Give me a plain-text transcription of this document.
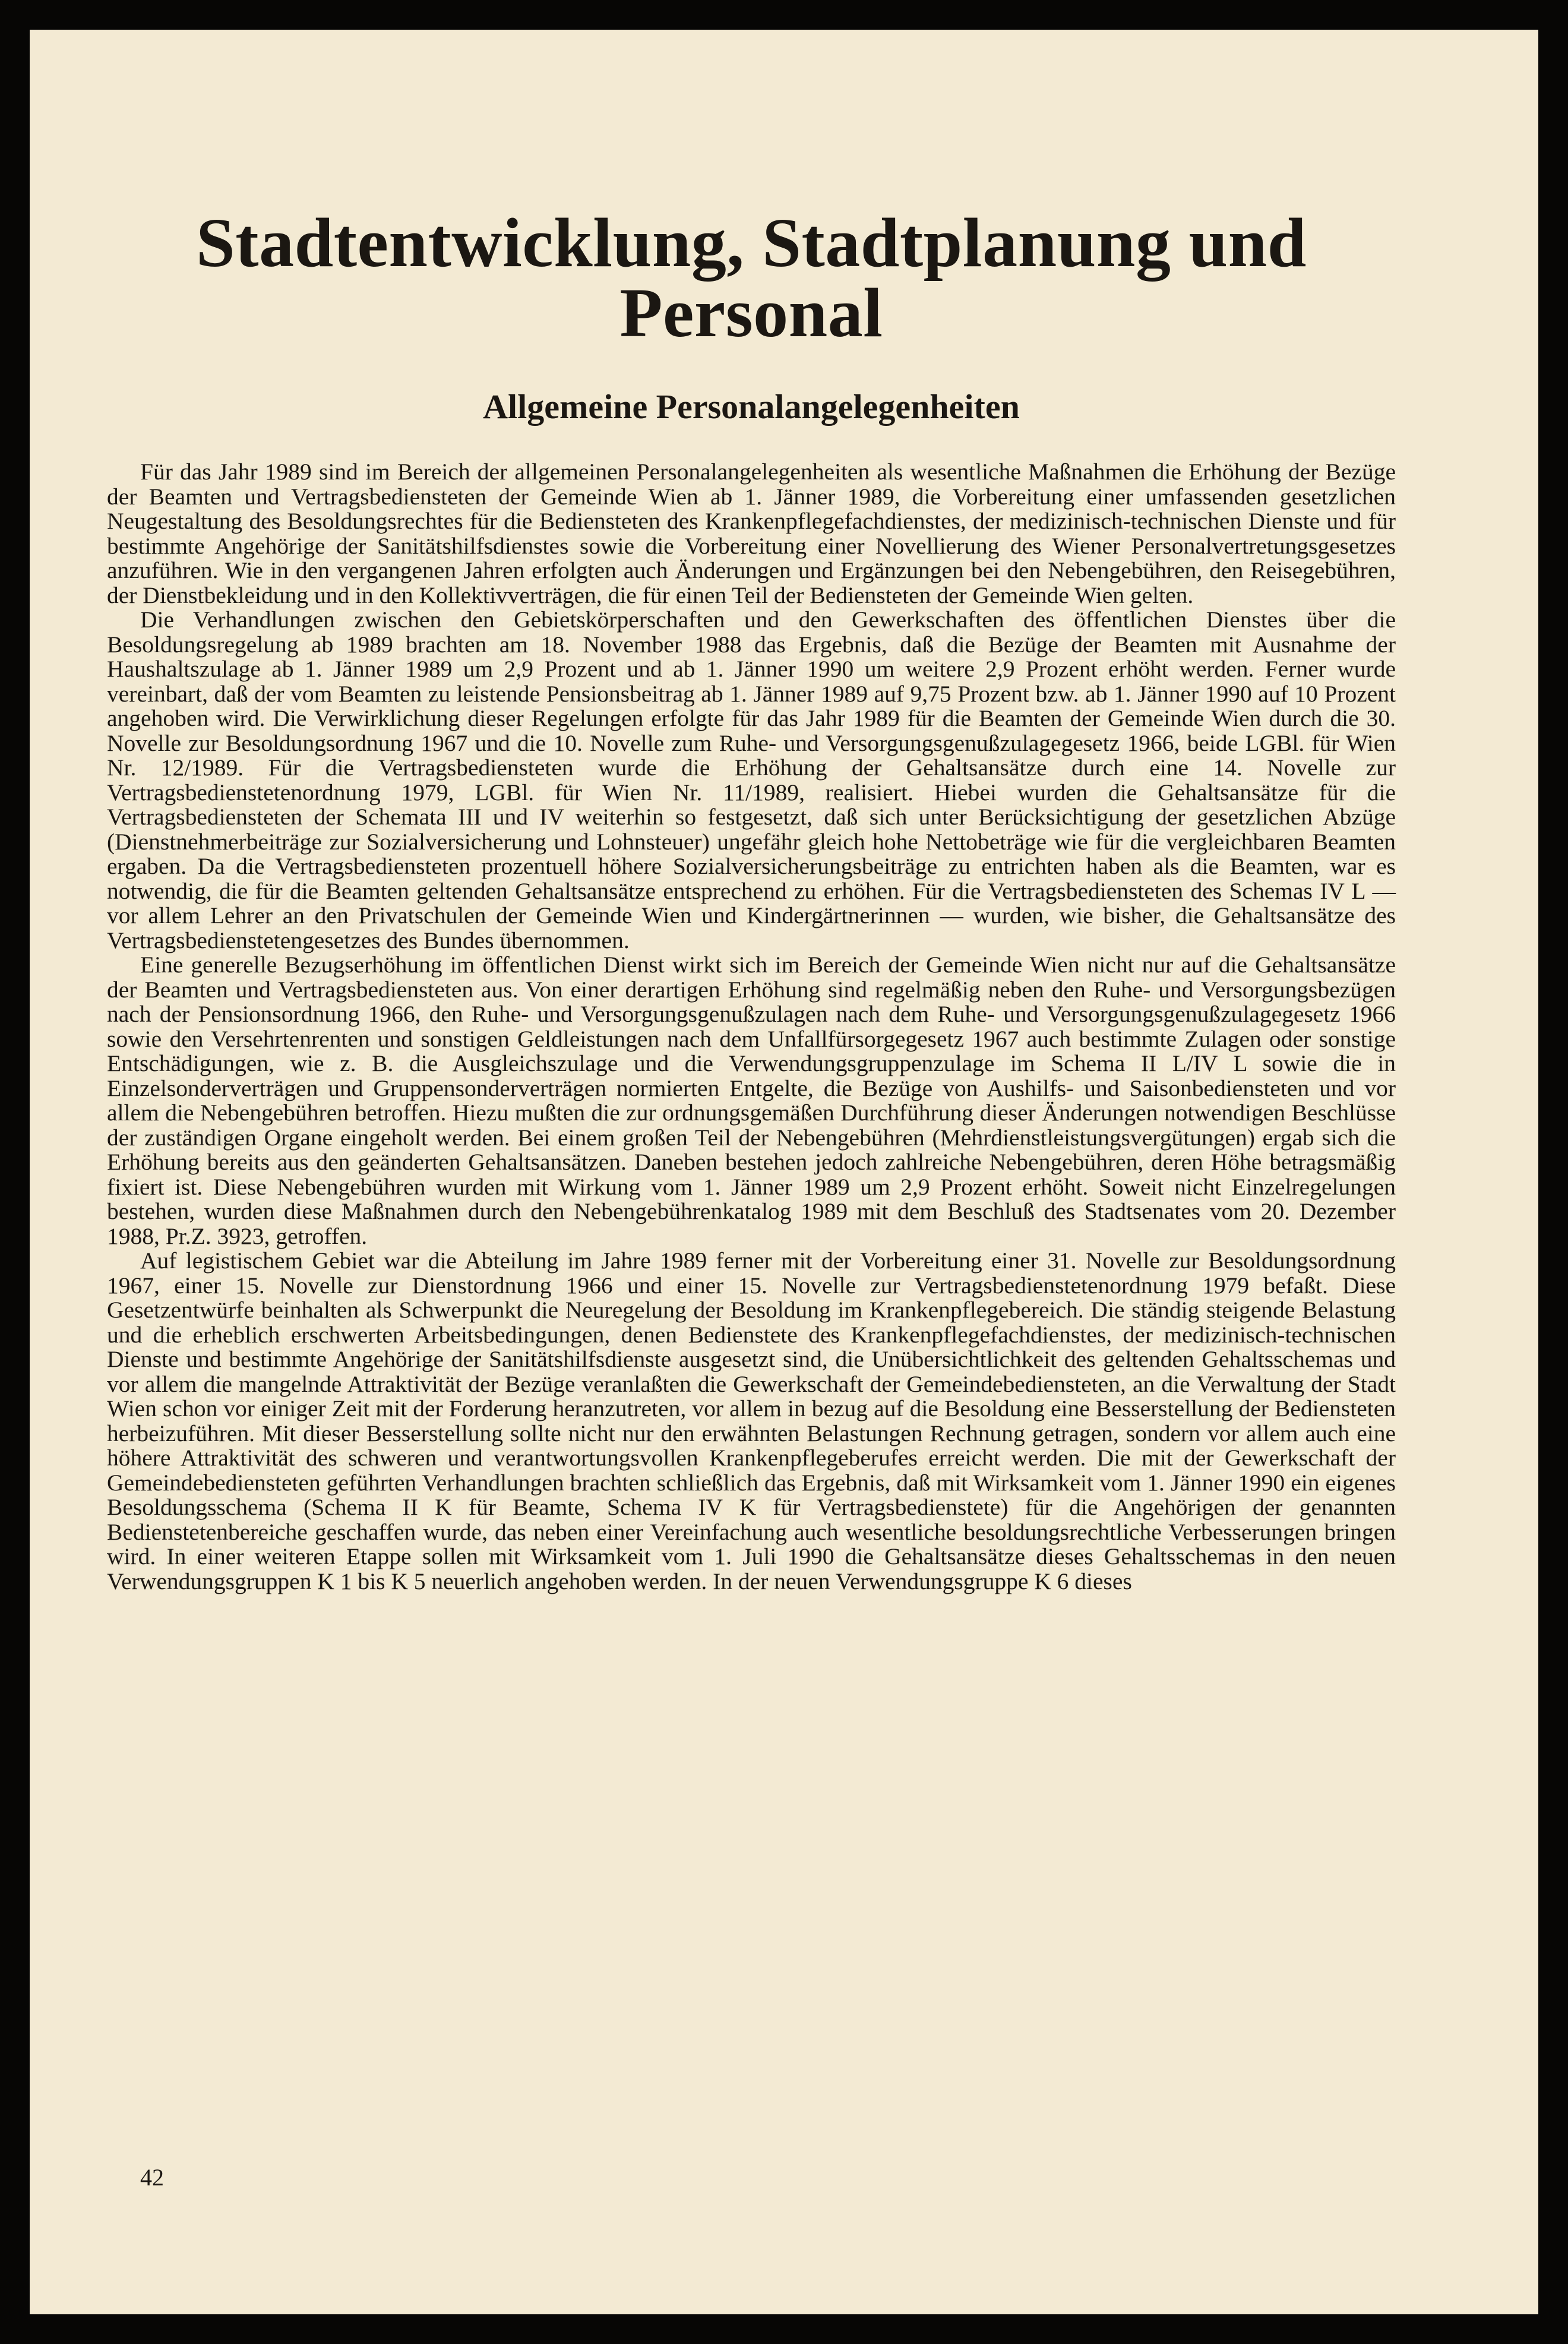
Stadtentwicklung, Stadtplanung und
Personal
Allgemeine Personalangelegenheiten

Für das Jahr 1989 sind im Bereich der allgemeinen Personalangelegenheiten als wesentliche Maßnahmen die Erhöhung der Bezüge der Beamten und Vertragsbediensteten der Gemeinde Wien ab 1. Jänner 1989, die Vorbereitung einer umfassenden gesetzlichen Neugestaltung des Besoldungsrechtes für die Bediensteten des Krankenpflegefachdienstes, der medizinisch-technischen Dienste und für bestimmte Angehörige der Sanitätshilfsdienstes sowie die Vorbereitung einer Novellierung des Wiener Personalvertretungsgesetzes anzuführen. Wie in den vergangenen Jahren erfolgten auch Änderungen und Ergänzungen bei den Nebengebühren, den Reisegebühren, der Dienstbekleidung und in den Kollektivverträgen, die für einen Teil der Bediensteten der Gemeinde Wien gelten.

Die Verhandlungen zwischen den Gebietskörperschaften und den Gewerkschaften des öffentlichen Dienstes über die Besoldungsregelung ab 1989 brachten am 18. November 1988 das Ergebnis, daß die Bezüge der Beamten mit Ausnahme der Haushaltszulage ab 1. Jänner 1989 um 2,9 Prozent und ab 1. Jänner 1990 um weitere 2,9 Prozent erhöht werden. Ferner wurde vereinbart, daß der vom Beamten zu leistende Pensionsbeitrag ab 1. Jänner 1989 auf 9,75 Prozent bzw. ab 1. Jänner 1990 auf 10 Prozent angehoben wird. Die Verwirklichung dieser Regelungen erfolgte für das Jahr 1989 für die Beamten der Gemeinde Wien durch die 30. Novelle zur Besoldungsordnung 1967 und die 10. Novelle zum Ruhe- und Versorgungsgenußzulagegesetz 1966, beide LGBl. für Wien Nr. 12/1989. Für die Vertragsbediensteten wurde die Erhöhung der Gehaltsansätze durch eine 14. Novelle zur Vertragsbedienstetenordnung 1979, LGBl. für Wien Nr. 11/1989, realisiert. Hiebei wurden die Gehaltsansätze für die Vertragsbediensteten der Schemata III und IV weiterhin so festgesetzt, daß sich unter Berücksichtigung der gesetzlichen Abzüge (Dienstnehmerbeiträge zur Sozialversicherung und Lohnsteuer) ungefähr gleich hohe Nettobeträge wie für die vergleichbaren Beamten ergaben. Da die Vertragsbediensteten prozentuell höhere Sozialversicherungsbeiträge zu entrichten haben als die Beamten, war es notwendig, die für die Beamten geltenden Gehaltsansätze entsprechend zu erhöhen. Für die Vertragsbediensteten des Schemas IV L — vor allem Lehrer an den Privatschulen der Gemeinde Wien und Kindergärtnerinnen — wurden, wie bisher, die Gehaltsansätze des Vertragsbedienstetengesetzes des Bundes übernommen.

Eine generelle Bezugserhöhung im öffentlichen Dienst wirkt sich im Bereich der Gemeinde Wien nicht nur auf die Gehaltsansätze der Beamten und Vertragsbediensteten aus. Von einer derartigen Erhöhung sind regelmäßig neben den Ruhe- und Versorgungsbezügen nach der Pensionsordnung 1966, den Ruhe- und Versorgungsgenußzulagen nach dem Ruhe- und Versorgungsgenußzulagegesetz 1966 sowie den Versehrtenrenten und sonstigen Geldleistungen nach dem Unfallfürsorgegesetz 1967 auch bestimmte Zulagen oder sonstige Entschädigungen, wie z. B. die Ausgleichszulage und die Verwendungsgruppenzulage im Schema II L/IV L sowie die in Einzelsonderverträgen und Gruppensonderverträgen normierten Entgelte, die Bezüge von Aushilfs- und Saisonbediensteten und vor allem die Nebengebühren betroffen. Hiezu mußten die zur ordnungsgemäßen Durchführung dieser Änderungen notwendigen Beschlüsse der zuständigen Organe eingeholt werden. Bei einem großen Teil der Nebengebühren (Mehrdienstleistungsvergütungen) ergab sich die Erhöhung bereits aus den geänderten Gehaltsansätzen. Daneben bestehen jedoch zahlreiche Nebengebühren, deren Höhe betragsmäßig fixiert ist. Diese Nebengebühren wurden mit Wirkung vom 1. Jänner 1989 um 2,9 Prozent erhöht. Soweit nicht Einzelregelungen bestehen, wurden diese Maßnahmen durch den Nebengebührenkatalog 1989 mit dem Beschluß des Stadtsenates vom 20. Dezember 1988, Pr.Z. 3923, getroffen.

Auf legistischem Gebiet war die Abteilung im Jahre 1989 ferner mit der Vorbereitung einer 31. Novelle zur Besoldungsordnung 1967, einer 15. Novelle zur Dienstordnung 1966 und einer 15. Novelle zur Vertragsbedienstetenordnung 1979 befaßt. Diese Gesetzentwürfe beinhalten als Schwerpunkt die Neuregelung der Besoldung im Krankenpflegebereich. Die ständig steigende Belastung und die erheblich erschwerten Arbeitsbedingungen, denen Bedienstete des Krankenpflegefachdienstes, der medizinisch-technischen Dienste und bestimmte Angehörige der Sanitätshilfsdienste ausgesetzt sind, die Unübersichtlichkeit des geltenden Gehaltsschemas und vor allem die mangelnde Attraktivität der Bezüge veranlaßten die Gewerkschaft der Gemeindebediensteten, an die Verwaltung der Stadt Wien schon vor einiger Zeit mit der Forderung heranzutreten, vor allem in bezug auf die Besoldung eine Besserstellung der Bediensteten herbeizuführen. Mit dieser Besserstellung sollte nicht nur den erwähnten Belastungen Rechnung getragen, sondern vor allem auch eine höhere Attraktivität des schweren und verantwortungsvollen Krankenpflegeberufes erreicht werden. Die mit der Gewerkschaft der Gemeindebediensteten geführten Verhandlungen brachten schließlich das Ergebnis, daß mit Wirksamkeit vom 1. Jänner 1990 ein eigenes Besoldungsschema (Schema II K für Beamte, Schema IV K für Vertragsbedienstete) für die Angehörigen der genannten Bedienstetenbereiche geschaffen wurde, das neben einer Vereinfachung auch wesentliche besoldungsrechtliche Verbesserungen bringen wird. In einer weiteren Etappe sollen mit Wirksamkeit vom 1. Juli 1990 die Gehaltsansätze dieses Gehaltsschemas in den neuen Verwendungsgruppen K 1 bis K 5 neuerlich angehoben werden. In der neuen Verwendungsgruppe K 6 dieses

42
